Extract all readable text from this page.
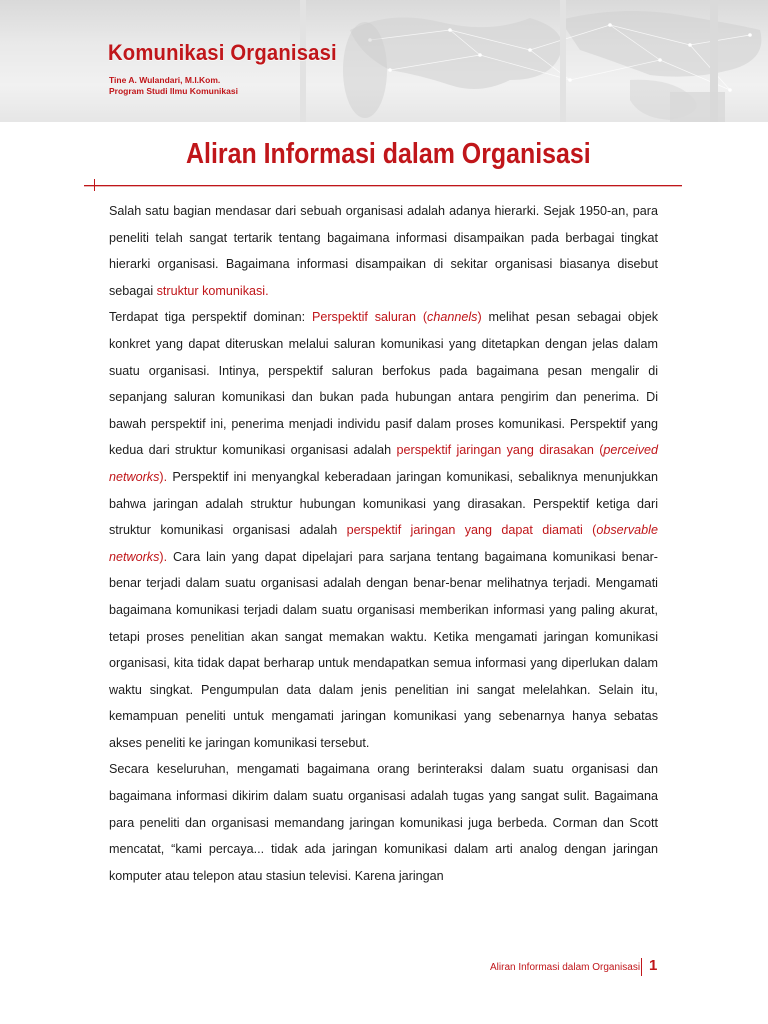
Komunikasi Organisasi
Tine A. Wulandari, M.I.Kom.
Program Studi Ilmu Komunikasi
Aliran Informasi dalam Organisasi

Salah satu bagian mendasar dari sebuah organisasi adalah adanya hierarki. Sejak 1950-an, para peneliti telah sangat tertarik tentang bagaimana informasi disampaikan pada berbagai tingkat hierarki organisasi. Bagaimana informasi disampaikan di sekitar organisasi biasanya disebut sebagai struktur komunikasi.

Terdapat tiga perspektif dominan: Perspektif saluran (channels) melihat pesan sebagai objek konkret yang dapat diteruskan melalui saluran komunikasi yang ditetapkan dengan jelas dalam suatu organisasi. Intinya, perspektif saluran berfokus pada bagaimana pesan mengalir di sepanjang saluran komunikasi dan bukan pada hubungan antara pengirim dan penerima. Di bawah perspektif ini, penerima menjadi individu pasif dalam proses komunikasi. Perspektif yang kedua dari struktur komunikasi organisasi adalah perspektif jaringan yang dirasakan (perceived networks). Perspektif ini menyangkal keberadaan jaringan komunikasi, sebaliknya menunjukkan bahwa jaringan adalah struktur hubungan komunikasi yang dirasakan. Perspektif ketiga dari struktur komunikasi organisasi adalah perspektif jaringan yang dapat diamati (observable networks). Cara lain yang dapat dipelajari para sarjana tentang bagaimana komunikasi benar-benar terjadi dalam suatu organisasi adalah dengan benar-benar melihatnya terjadi. Mengamati bagaimana komunikasi terjadi dalam suatu organisasi memberikan informasi yang paling akurat, tetapi proses penelitian akan sangat memakan waktu. Ketika mengamati jaringan komunikasi organisasi, kita tidak dapat berharap untuk mendapatkan semua informasi yang diperlukan dalam waktu singkat. Pengumpulan data dalam jenis penelitian ini sangat melelahkan. Selain itu, kemampuan peneliti untuk mengamati jaringan komunikasi yang sebenarnya hanya sebatas akses peneliti ke jaringan komunikasi tersebut.

Secara keseluruhan, mengamati bagaimana orang berinteraksi dalam suatu organisasi dan bagaimana informasi dikirim dalam suatu organisasi adalah tugas yang sangat sulit. Bagaimana para peneliti dan organisasi memandang jaringan komunikasi juga berbeda. Corman dan Scott mencatat, “kami percaya... tidak ada jaringan komunikasi dalam arti analog dengan jaringan komputer atau telepon atau stasiun televisi. Karena jaringan

Aliran Informasi dalam Organisasi 1
